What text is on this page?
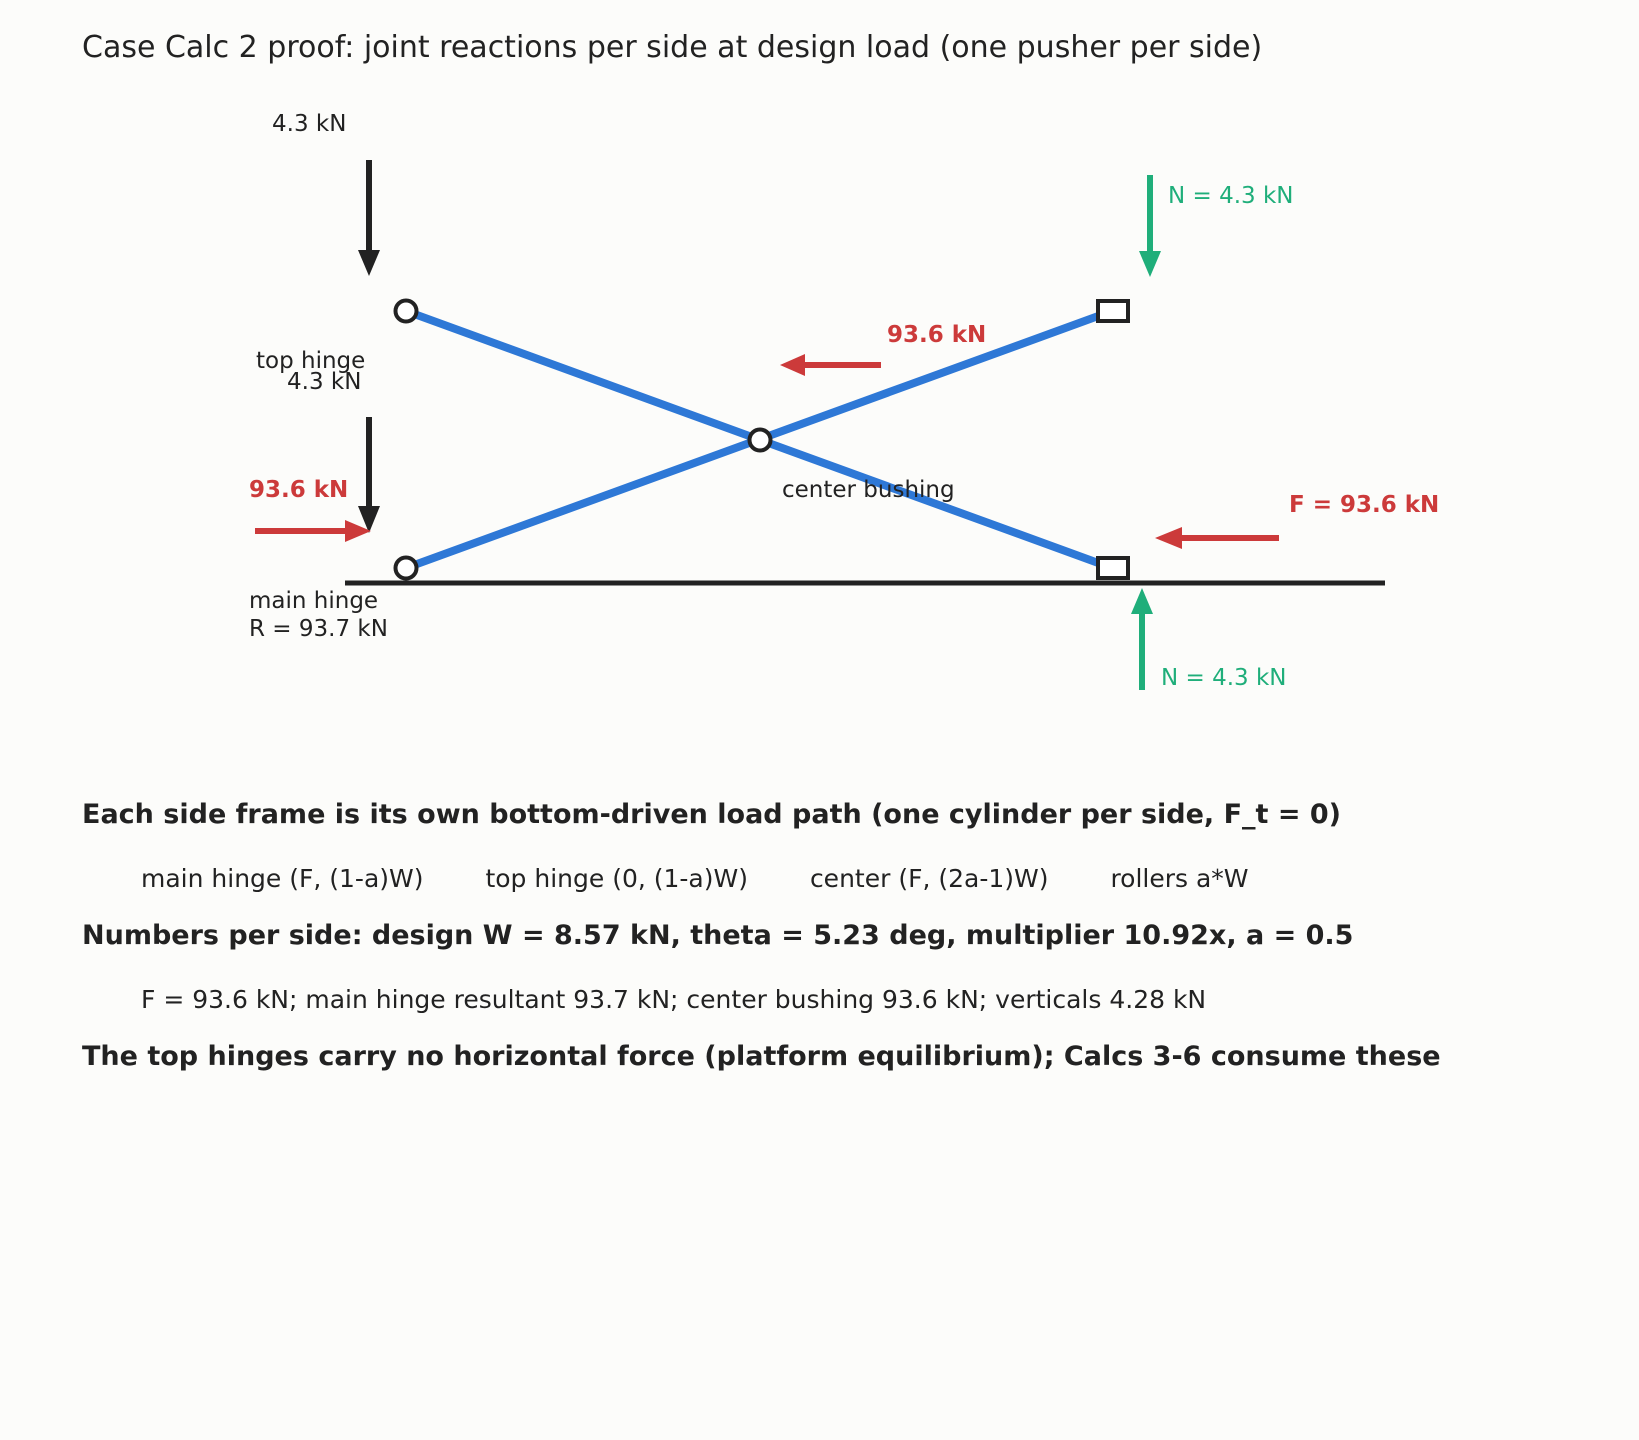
Case Calc 2 proof: joint reactions per side at design load (one pusher per side)
4.3 kN
4.3 kN
top hinge
93.6 kN
main hinge
R = 93.7 kN
93.6 kN
center bushing
N = 4.3 kN
N = 4.3 kN
F = 93.6 kN
Each side frame is its own bottom-driven load path (one cylinder per side, F_t = 0)
main hinge (F, (1-a)W) top hinge (0, (1-a)W) center (F, (2a-1)W) rollers a*W
Numbers per side: design W = 8.57 kN, theta = 5.23 deg, multiplier 10.92x, a = 0.5
F = 93.6 kN; main hinge resultant 93.7 kN; center bushing 93.6 kN; verticals 4.28 kN
The top hinges carry no horizontal force (platform equilibrium); Calcs 3-6 consume these
